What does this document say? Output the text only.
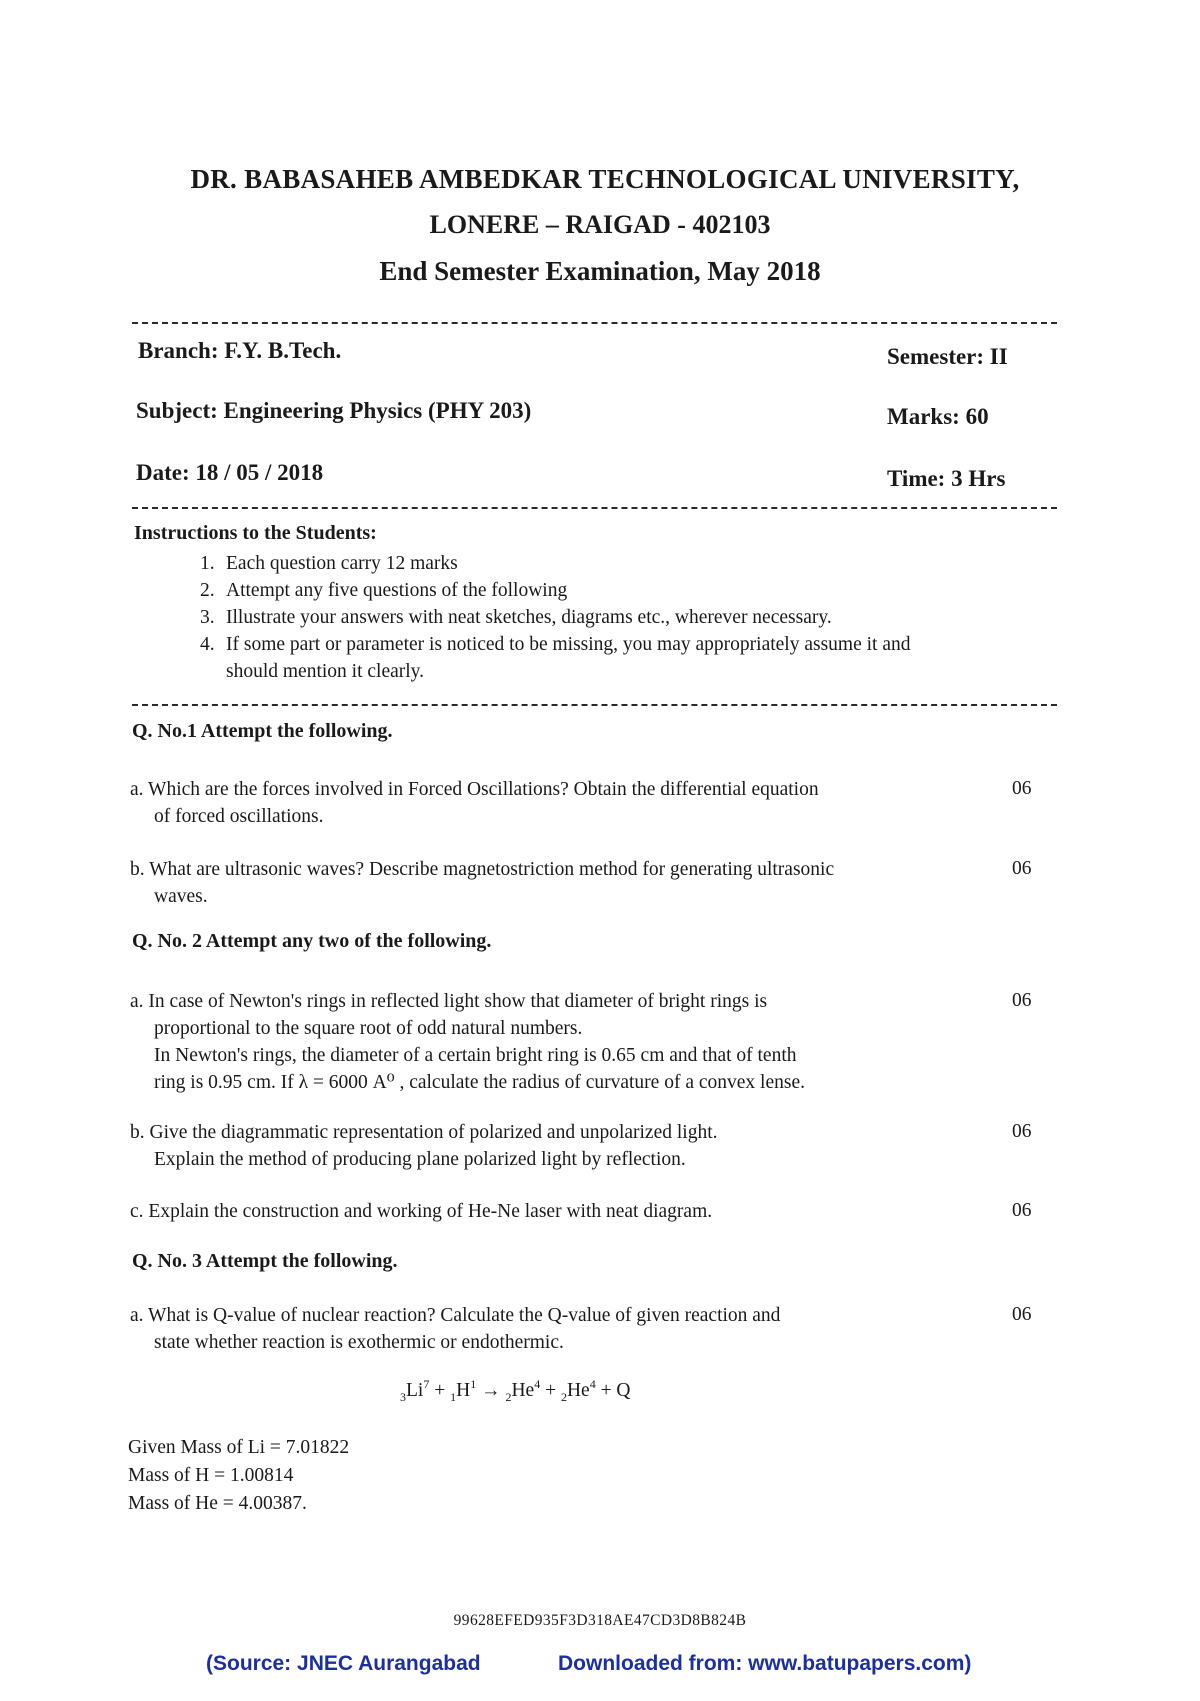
DR. BABASAHEB AMBEDKAR TECHNOLOGICAL UNIVERSITY,
LONERE – RAIGAD - 402103
End Semester Examination, May 2018
Branch: F.Y. B.Tech.	Semester: II
Subject: Engineering Physics (PHY 203)	Marks: 60
Date: 18 / 05 / 2018	Time: 3 Hrs
Instructions to the Students:
1. Each question carry 12 marks
2. Attempt any five questions of the following
3. Illustrate your answers with neat sketches, diagrams etc., wherever necessary.
4. If some part or parameter is noticed to be missing, you may appropriately assume it and
should mention it clearly.
Q. No.1 Attempt the following.
a. Which are the forces involved in Forced Oscillations? Obtain the differential equation
of forced oscillations.
06
b. What are ultrasonic waves? Describe magnetostriction method for generating ultrasonic
waves.
06
Q. No. 2 Attempt any two of the following.
a. In case of Newton's rings in reflected light show that diameter of bright rings is
proportional to the square root of odd natural numbers.
In Newton's rings, the diameter of a certain bright ring is 0.65 cm and that of tenth
ring is 0.95 cm. If λ = 6000 A⁰ , calculate the radius of curvature of a convex lense.
06
b. Give the diagrammatic representation of polarized and unpolarized light.
Explain the method of producing plane polarized light by reflection.
06
c. Explain the construction and working of He-Ne laser with neat diagram.	06
Q. No. 3 Attempt the following.
a. What is Q-value of nuclear reaction? Calculate the Q-value of given reaction and
state whether reaction is exothermic or endothermic.
06
$_3Li^7 + _1H^1 \to _2He^4 + _2He^4 + Q$
Given Mass of Li = 7.01822
Mass of H = 1.00814
Mass of He = 4.00387.
99628EFED935F3D318AE47CD3D8B824B
(Source: JNEC Aurangabad	Downloaded from: www.batupapers.com)
